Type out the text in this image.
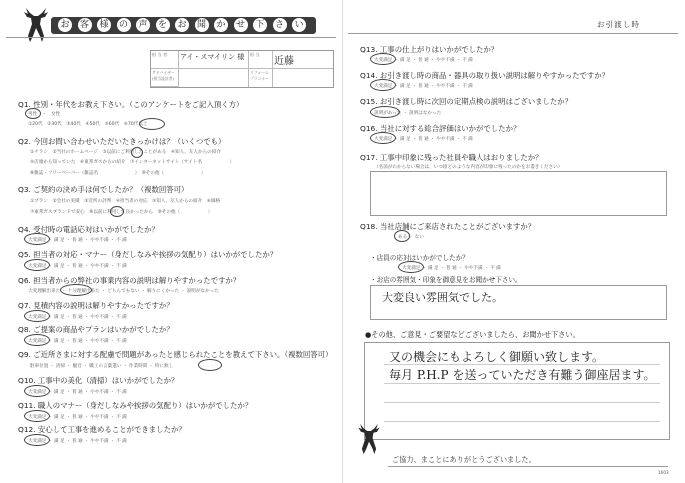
お 客 様 の 声 を お 聞 か せ 下 さ い
担 当 者	アイ・スマイリン 様	担 当
近藤
アドバイザー
(担当設計者)
リフォーム
プランナー
Q1. 性別・年代をお教え下さい。（このアンケートをご記入頂く方）
男性　・　女性
①20代　②30代　③40代　④50代　⑤60代　⑥70代以上
Q2. 今回お問い合わせいただいたきっかけは？（いくつでも）
①チラシ　②当社のホームページ　③以前にご利用したことがある　④知人、友人からの紹介
⑤店頭から知っていた　⑥東邦ガスからの紹介　⑦インターネットサイト（サイト名　　　　　　）
⑧雑誌・フリーペーパー（雑誌名　　　　　　　　）　⑨その他（　　　　　　　　）
Q3. ご契約の決め手は何でしたか？（複数回答可）
①プラン　②会社の実績　③近所の評判　④担当者の対応　⑤知人、友人からの紹介　⑥価格
⑦東邦ガスブランドで安心　⑧以前に利用して良かったから　⑨その他（　　　　　　）
Q4. 受付時の電話応対はいかがでしたか？
大変満足 ・ 満 足 ・ 普 通 ・ やや不満 ・ 不 満
Q5. 担当者の対応・マナー（身だしなみや挨拶の気配り）はいかがでしたか？
大変満足 ・ 満 足 ・ 普 通 ・ やや不満 ・ 不 満
Q6. 担当者からの弊社の事業内容の説明は解りやすかったですか？
大変理解出来た ・ 十分理解出来た ・ どちらでもない ・ 解りにくかった ・ 説明がなかった
Q7. 見積内容の説明は解りやすかったですか？
大変満足 ・ 満 足 ・ 普 通 ・ やや不満 ・ 不 満
Q8. ご提案の商品やプランはいかがでしたか？
大変満足 ・ 満 足 ・ 普 通 ・ やや不満 ・ 不 満
Q9. ご近所さまに対する配慮で問題があったと感じられたことを教えて下さい。（複数回答可）
駐車位置 ・ 清掃 ・ 騒音 ・ 職工の言葉遣い ・ 作業時間 ・ 特に無し
Q10. 工事中の美化（清掃）はいかがでしたか？
大変満足 ・ 満 足 ・ 普 通 ・ やや不満 ・ 不 満
Q11. 職人のマナー（身だしなみや挨拶の気配り）はいかがでしたか？
大変満足 ・ 満 足 ・ 普 通 ・ やや不満 ・ 不 満
Q12. 安心して工事を進めることができましたか？
大変満足 ・ 満 足 ・ 普 通 ・ やや不満 ・ 不 満
お引渡し時
Q13. 工事の仕上がりはいかがでしたか？
大変満足 ・ 満 足 ・ 普 通 ・ やや不満 ・ 不 満
Q14. お引き渡し時の商品・器具の取り扱い説明は解りやすかったですか？
大変満足 ・ 満 足 ・ 普 通 ・ やや不満 ・ 不 満
Q15. お引き渡し時に次回の定期点検の説明はございましたか？
説明があった ・ 説明はなかった
Q16. 当社に対する総合評価はいかがでしたか？
大変満足 ・ 満 足 ・ 普 通 ・ やや不満 ・ 不 満
Q17. 工事中印象に残った社員や職人はおりましたか？
（名前がわからない場合は、いつ頃どのような内容が印象に残ったのかをお書きください）
Q18. 当社店舗にご来店されたことがございますか？
ある ・ ない
・店員の応対はいかがでしたか？
大変満足 ・ 満 足 ・ 普 通 ・ やや不満 ・ 不 満
・お店の雰囲気・印象を御意見をお聞かせ下さい。
大変良い雰囲気でした。
●その他、ご意見・ご要望などございましたら、お聞かせ下さい。
又の機会にもよろしく御願い致します。
毎月 P.H.P を送っていただき有難う御座居ます。
ご協力、まことにありがとうございました。
1603
